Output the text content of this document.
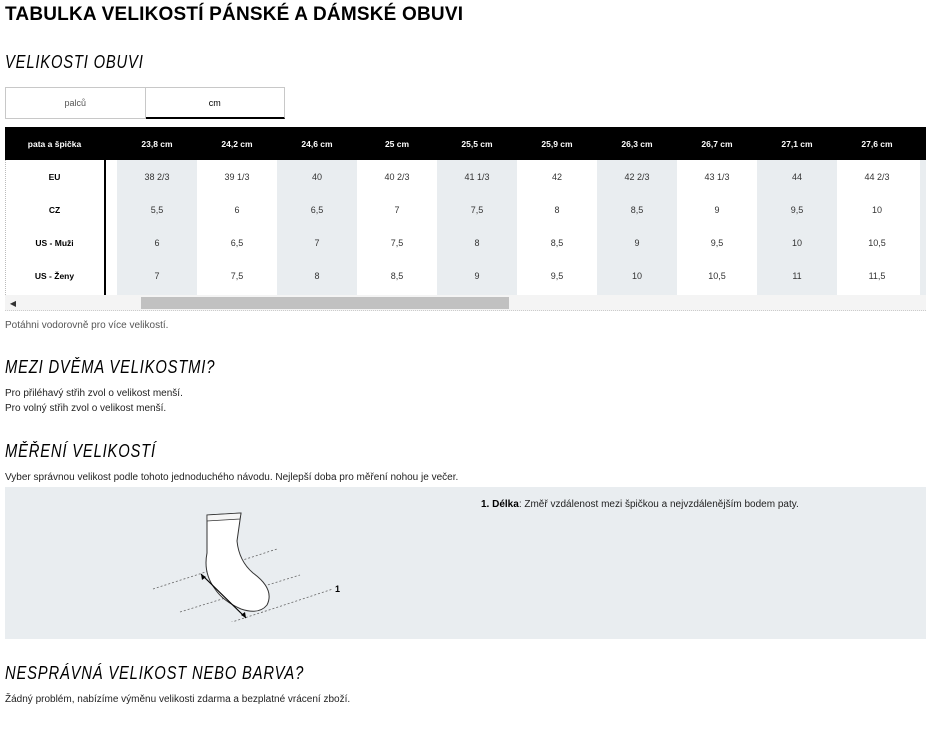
TABULKA VELIKOSTÍ PÁNSKÉ A DÁMSKÉ OBUVI
VELIKOSTI OBUVI
palců	cm
pata a špička	23,8 cm	24,2 cm	24,6 cm	25 cm	25,5 cm	25,9 cm	26,3 cm	26,7 cm	27,1 cm	27,6 cm
EU	38 2/3	39 1/3	40	40 2/3	41 1/3	42	42 2/3	43 1/3	44	44 2/3
CZ	5,5	6	6,5	7	7,5	8	8,5	9	9,5	10
US - Muži	6	6,5	7	7,5	8	8,5	9	9,5	10	10,5
US - Ženy	7	7,5	8	8,5	9	9,5	10	10,5	11	11,5
◀
Potáhni vodorovně pro více velikostí.
MEZI DVĚMA VELIKOSTMI?
Pro přiléhavý střih zvol o velikost menší.
Pro volný střih zvol o velikost menší.
MĚŘENÍ VELIKOSTÍ
Vyber správnou velikost podle tohoto jednoduchého návodu. Nejlepší doba pro měření nohou je večer.
1
1. Délka: Změř vzdálenost mezi špičkou a nejvzdálenějším bodem paty.
NESPRÁVNÁ VELIKOST NEBO BARVA?
Žádný problém, nabízíme výměnu velikosti zdarma a bezplatné vrácení zboží.
